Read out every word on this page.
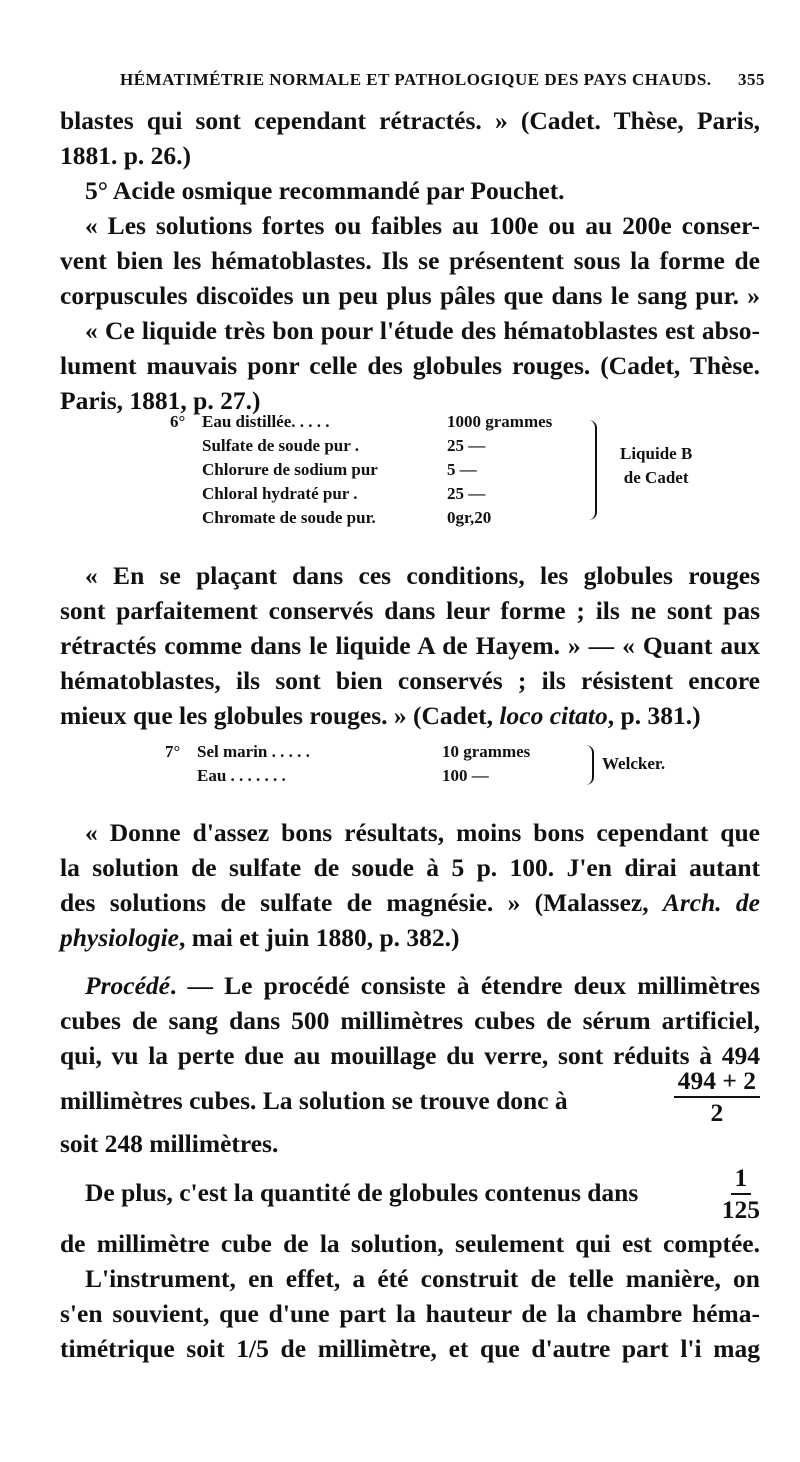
HÉMATIMÉTRIE NORMALE ET PATHOLOGIQUE DES PAYS CHAUDS. 355
blastes qui sont cependant rétractés. » (Cadet. Thèse, Paris,
1881. p. 26.)
5° Acide osmique recommandé par Pouchet.
« Les solutions fortes ou faibles au 100e ou au 200e conser-
vent bien les hématoblastes. Ils se présentent sous la forme de
corpuscules discoïdes un peu plus pâles que dans le sang pur. »
« Ce liquide très bon pour l'étude des hématoblastes est abso-
lument mauvais ponr celle des globules rouges. (Cadet, Thèse.
Paris, 1881, p. 27.)
6° Eau distillée. . . . .	1000 grammes
Sulfate de soude pur .	25 —
Chlorure de sodium pur	5 —
Chloral hydraté pur .	25 —
Chromate de soude pur.	0gr,20
Liquide B
de Cadet
« En se plaçant dans ces conditions, les globules rouges
sont parfaitement conservés dans leur forme ; ils ne sont pas
rétractés comme dans le liquide A de Hayem. » — « Quant aux
hématoblastes, ils sont bien conservés ; ils résistent encore
mieux que les globules rouges. » (Cadet, loco citato, p. 381.)
7° Sel marin . . . . .	10 grammes
Eau . . . . . . .	100 —
Welcker.
« Donne d'assez bons résultats, moins bons cependant que
la solution de sulfate de soude à 5 p. 100. J'en dirai autant
des solutions de sulfate de magnésie. » (Malassez, Arch. de
physiologie, mai et juin 1880, p. 382.)
Procédé. — Le procédé consiste à étendre deux millimètres
cubes de sang dans 500 millimètres cubes de sérum artificiel,
qui, vu la perte due au mouillage du verre, sont réduits à 494
millimètres cubes. La solution se trouve donc à	$\frac{494 + 2}{2}$
soit 248 millimètres.
De plus, c'est la quantité de globules contenus dans	$\frac{1}{125}$
de millimètre cube de la solution, seulement qui est comptée.
L'instrument, en effet, a été construit de telle manière, on
s'en souvient, que d'une part la hauteur de la chambre héma-
timétrique soit 1/5 de millimètre, et que d'autre part l'i mag
